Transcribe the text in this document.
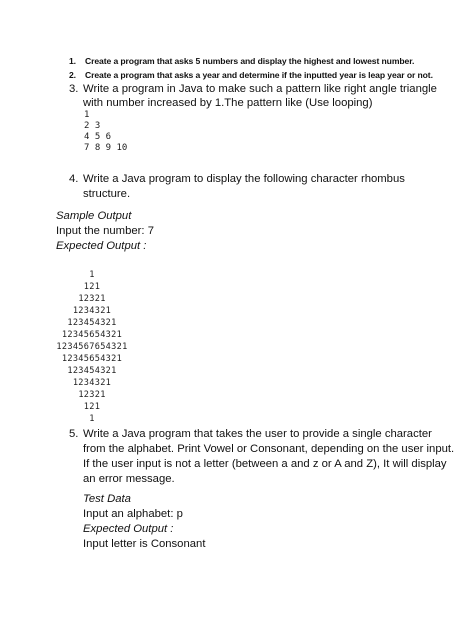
1. Create a program that asks 5 numbers and display the highest and lowest number.
2. Create a program that asks a year and determine if the inputted year is leap year or not.
3. Write a program in Java to make such a pattern like right angle triangle
with number increased by 1.The pattern like (Use looping)
1
2 3
4 5 6
7 8 9 10
4. Write a Java program to display the following character rhombus
structure.
Sample Output
Input the number: 7
Expected Output :
1
121
12321
1234321
123454321
12345654321
1234567654321
12345654321
123454321
1234321
12321
121
1
5. Write a Java program that takes the user to provide a single character
from the alphabet. Print Vowel or Consonant, depending on the user input.
If the user input is not a letter (between a and z or A and Z), It will display
an error message.
Test Data
Input an alphabet: p
Expected Output :
Input letter is Consonant
